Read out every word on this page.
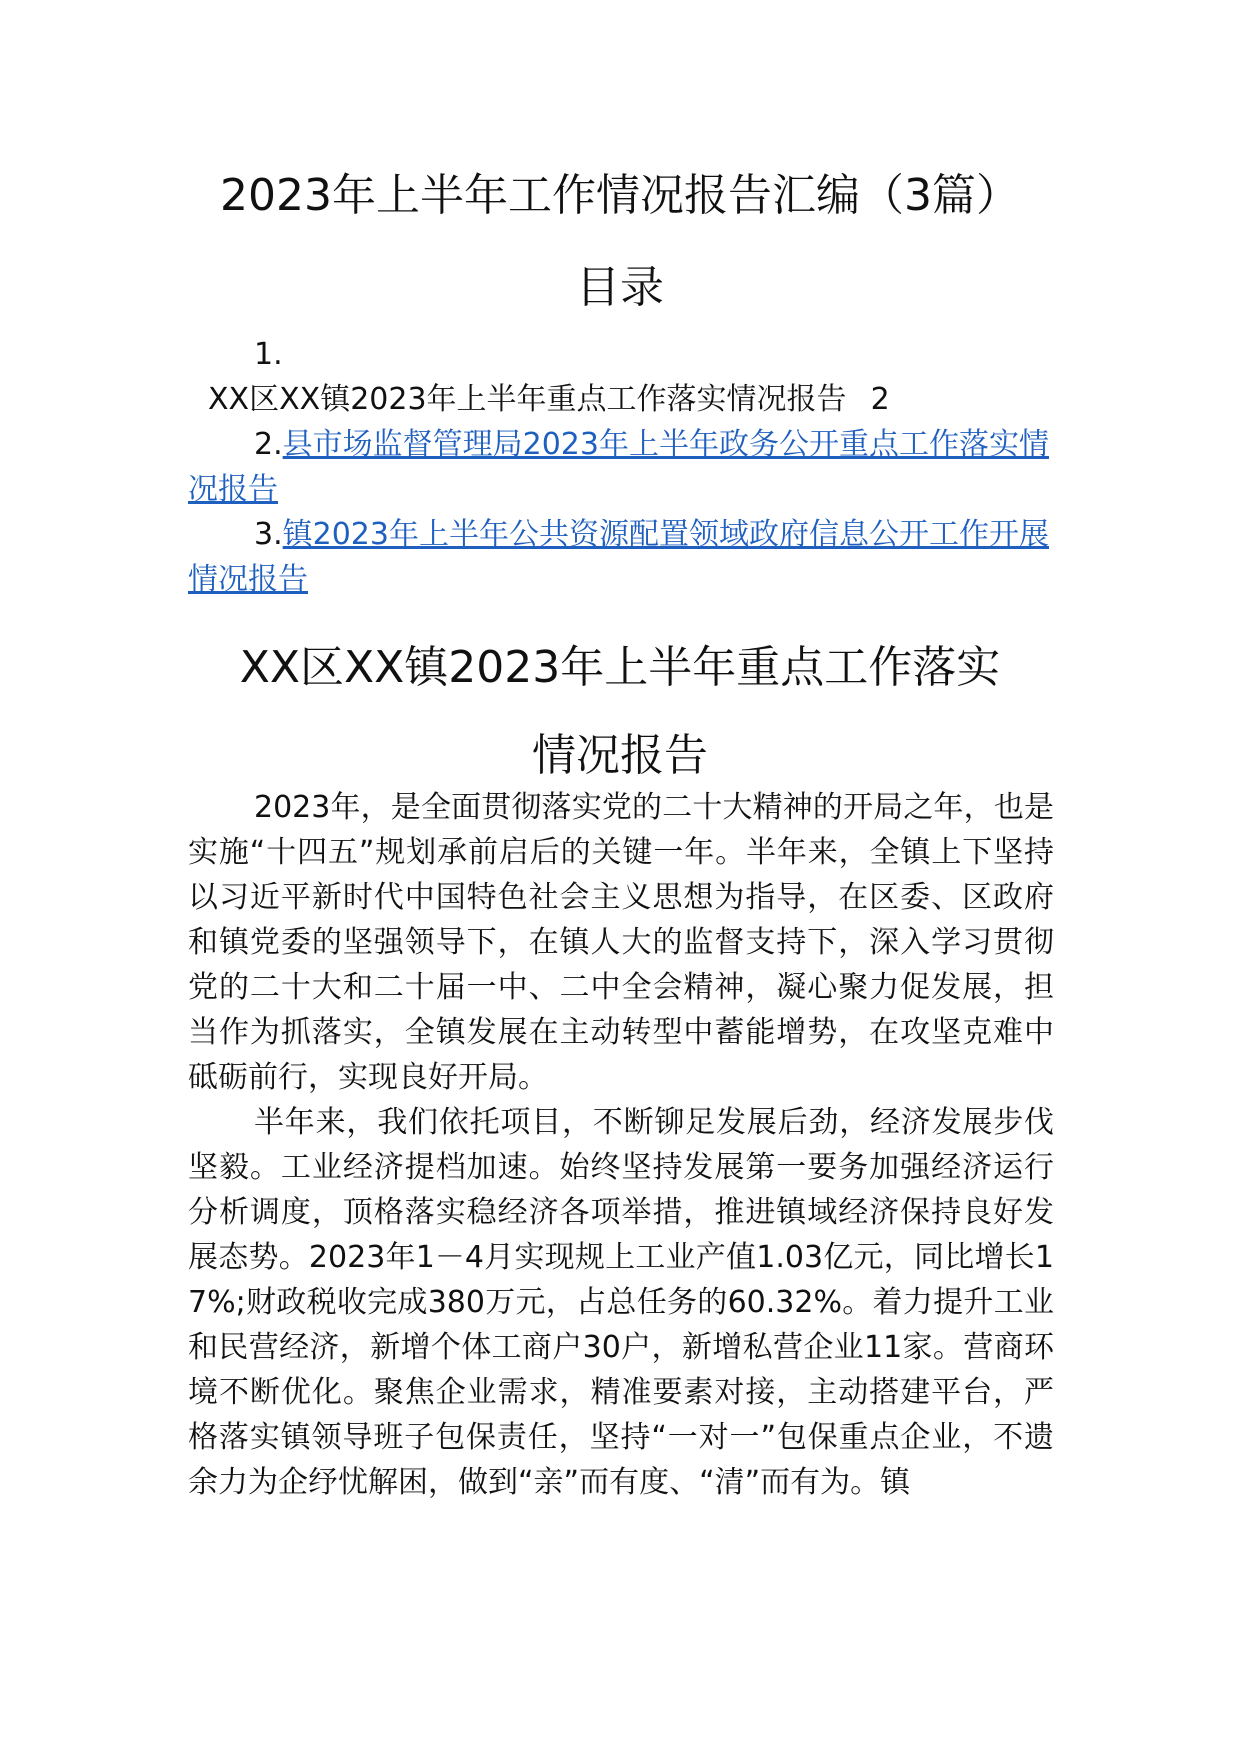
2023年上半年工作情况报告汇编（3篇）
目录
1.
XX区XX镇2023年上半年重点工作落实情况报告 2

2.县市场监督管理局2023年上半年政务公开重点工作落实情况报告

3.镇2023年上半年公共资源配置领域政府信息公开工作开展情况报告

XX区XX镇2023年上半年重点工作落实
情况报告

2023年，是全面贯彻落实党的二十大精神的开局之年，也是实施“十四五”规划承前启后的关键一年。半年来，全镇上下坚持以习近平新时代中国特色社会主义思想为指导，在区委、区政府和镇党委的坚强领导下，在镇人大的监督支持下，深入学习贯彻党的二十大和二十届一中、二中全会精神，凝心聚力促发展，担当作为抓落实，全镇发展在主动转型中蓄能增势，在攻坚克难中砥砺前行，实现良好开局。

半年来，我们依托项目，不断铆足发展后劲，经济发展步伐坚毅。工业经济提档加速。始终坚持发展第一要务加强经济运行分析调度，顶格落实稳经济各项举措，推进镇域经济保持良好发展态势。2023年1－4月实现规上工业产值1.03亿元，同比增长17%;财政税收完成380万元，占总任务的60.32%。着力提升工业和民营经济，新增个体工商户30户，新增私营企业11家。营商环境不断优化。聚焦企业需求，精准要素对接，主动搭建平台，严格落实镇领导班子包保责任，坚持“一对一”包保重点企业，不遗余力为企纾忧解困，做到“亲”而有度、“清”而有为。镇
